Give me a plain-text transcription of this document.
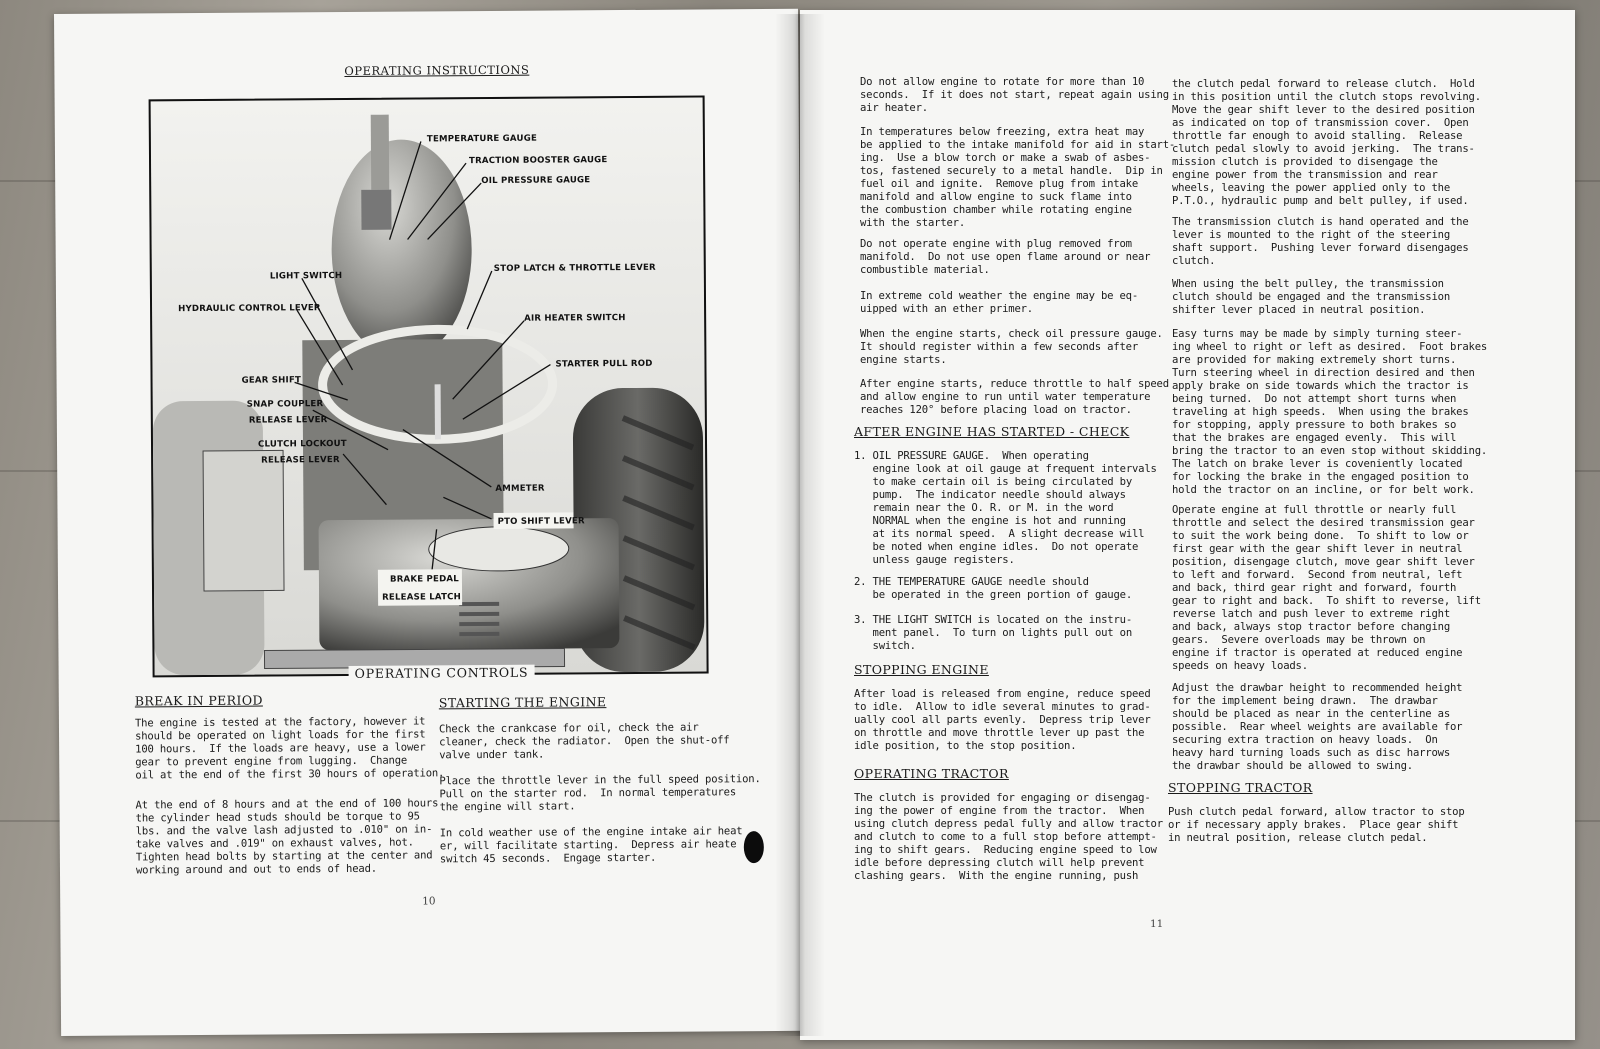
OPERATING INSTRUCTIONS
TEMPERATURE GAUGE
TRACTION BOOSTER GAUGE
OIL PRESSURE GAUGE
LIGHT SWITCH
STOP LATCH & THROTTLE LEVER
HYDRAULIC CONTROL LEVER
AIR HEATER SWITCH
STARTER PULL ROD
GEAR SHIFT
SNAP COUPLER
RELEASE LEVER
CLUTCH LOCKOUT
RELEASE LEVER
AMMETER
PTO SHIFT LEVER
BRAKE PEDAL
RELEASE LATCH
OPERATING CONTROLS
BREAK IN PERIOD
The engine is tested at the factory, however it
should be operated on light loads for the first
100 hours.  If the loads are heavy, use a lower
gear to prevent engine from lugging.  Change
oil at the end of the first 30 hours of operation.
At the end of 8 hours and at the end of 100 hours
the cylinder head studs should be torque to 95
lbs. and the valve lash adjusted to .010" on in-
take valves and .019" on exhaust valves, hot.
Tighten head bolts by starting at the center and
working around and out to ends of head.
STARTING THE ENGINE
Check the crankcase for oil, check the air
cleaner, check the radiator.  Open the shut-off
valve under tank.
Place the throttle lever in the full speed position.
Pull on the starter rod.  In normal temperatures
the engine will start.
In cold weather use of the engine intake air heat
er, will facilitate starting.  Depress air heate
switch 45 seconds.  Engage starter.
10
Do not allow engine to rotate for more than 10
seconds.  If it does not start, repeat again using
air heater.
In temperatures below freezing, extra heat may
be applied to the intake manifold for aid in start-
ing.  Use a blow torch or make a swab of asbes-
tos, fastened securely to a metal handle.  Dip in
fuel oil and ignite.  Remove plug from intake
manifold and allow engine to suck flame into
the combustion chamber while rotating engine
with the starter.
Do not operate engine with plug removed from
manifold.  Do not use open flame around or near
combustible material.
In extreme cold weather the engine may be eq-
uipped with an ether primer.
When the engine starts, check oil pressure gauge.
It should register within a few seconds after
engine starts.
After engine starts, reduce throttle to half speed
and allow engine to run until water temperature
reaches 120° before placing load on tractor.
AFTER ENGINE HAS STARTED - CHECK
1. OIL PRESSURE GAUGE.  When operating
engine look at oil gauge at frequent intervals
to make certain oil is being circulated by
pump.  The indicator needle should always
remain near the O. R. or M. in the word
NORMAL when the engine is hot and running
at its normal speed.  A slight decrease will
be noted when engine idles.  Do not operate
unless gauge registers.
2. THE TEMPERATURE GAUGE needle should
be operated in the green portion of gauge.
3. THE LIGHT SWITCH is located on the instru-
ment panel.  To turn on lights pull out on
switch.
STOPPING ENGINE
After load is released from engine, reduce speed
to idle.  Allow to idle several minutes to grad-
ually cool all parts evenly.  Depress trip lever
on throttle and move throttle lever up past the
idle position, to the stop position.
OPERATING TRACTOR
The clutch is provided for engaging or disengag-
ing the power of engine from the tractor.  When
using clutch depress pedal fully and allow tractor
and clutch to come to a full stop before attempt-
ing to shift gears.  Reducing engine speed to low
idle before depressing clutch will help prevent
clashing gears.  With the engine running, push
the clutch pedal forward to release clutch.  Hold
in this position until the clutch stops revolving.
Move the gear shift lever to the desired position
as indicated on top of transmission cover.  Open
throttle far enough to avoid stalling.  Release
clutch pedal slowly to avoid jerking.  The trans-
mission clutch is provided to disengage the
engine power from the transmission and rear
wheels, leaving the power applied only to the
P.T.O., hydraulic pump and belt pulley, if used.
The transmission clutch is hand operated and the
lever is mounted to the right of the steering
shaft support.  Pushing lever forward disengages
clutch.
When using the belt pulley, the transmission
clutch should be engaged and the transmission
shifter lever placed in neutral position.
Easy turns may be made by simply turning steer-
ing wheel to right or left as desired.  Foot brakes
are provided for making extremely short turns.
Turn steering wheel in direction desired and then
apply brake on side towards which the tractor is
being turned.  Do not attempt short turns when
traveling at high speeds.  When using the brakes
for stopping, apply pressure to both brakes so
that the brakes are engaged evenly.  This will
bring the tractor to an even stop without skidding.
The latch on brake lever is coveniently located
for locking the brake in the engaged position to
hold the tractor on an incline, or for belt work.
Operate engine at full throttle or nearly full
throttle and select the desired transmission gear
to suit the work being done.  To shift to low or
first gear with the gear shift lever in neutral
position, disengage clutch, move gear shift lever
to left and forward.  Second from neutral, left
and back, third gear right and forward, fourth
gear to right and back.  To shift to reverse, lift
reverse latch and push lever to extreme right
and back, always stop tractor before changing
gears.  Severe overloads may be thrown on
engine if tractor is operated at reduced engine
speeds on heavy loads.
Adjust the drawbar height to recommended height
for the implement being drawn.  The drawbar
should be placed as near in the centerline as
possible.  Rear wheel weights are available for
securing extra traction on heavy loads.  On
heavy hard turning loads such as disc harrows
the drawbar should be allowed to swing.
STOPPING TRACTOR
Push clutch pedal forward, allow tractor to stop
or if necessary apply brakes.  Place gear shift
in neutral position, release clutch pedal.
11
